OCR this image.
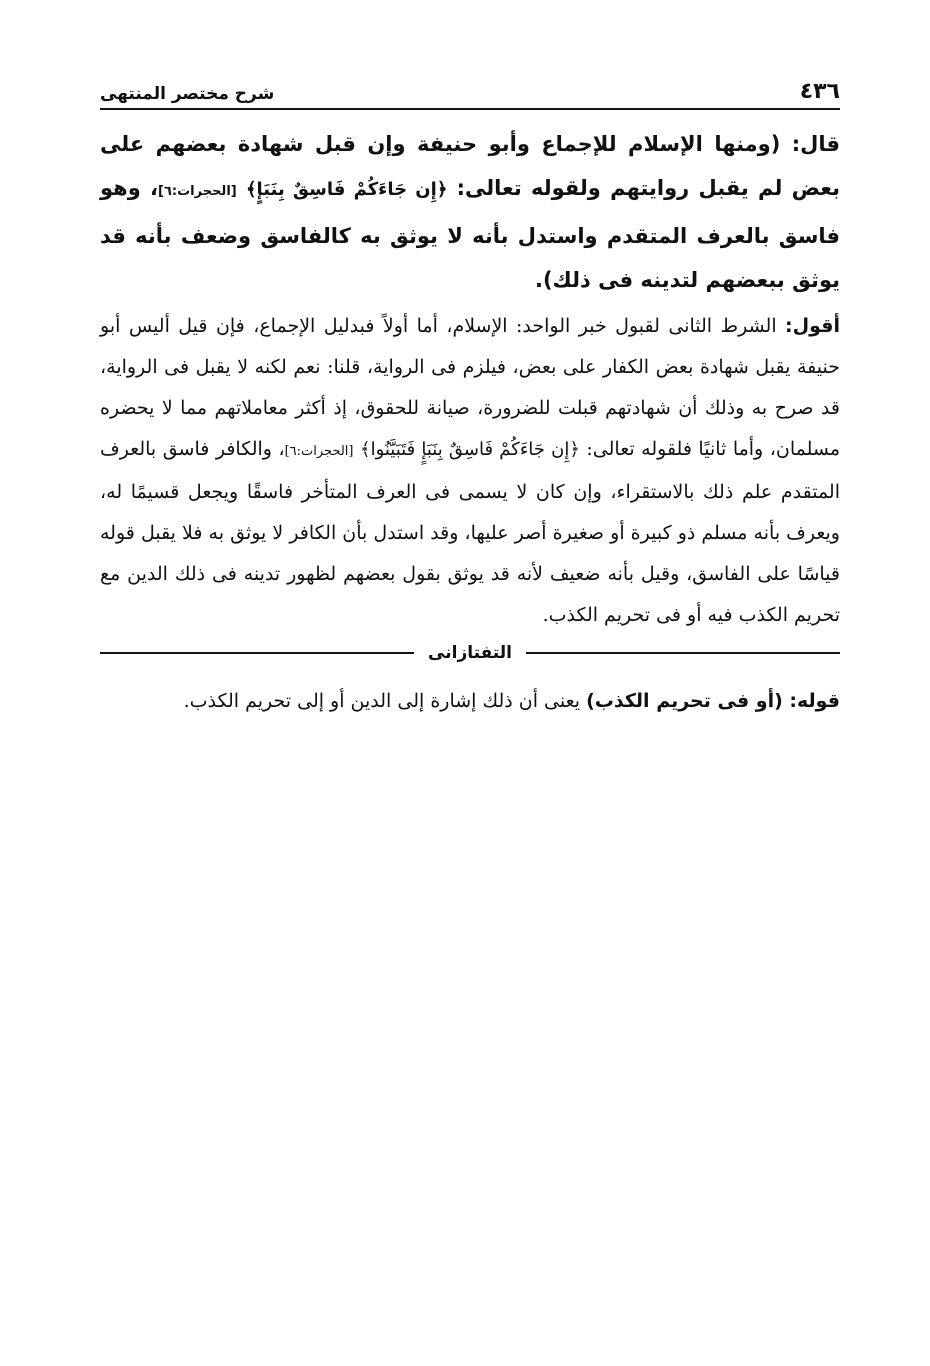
٤٣٦
شرح مختصر المنتهى

قال: (ومنها الإسلام للإجماع وأبو حنيفة وإن قبل شهادة بعضهم على بعض لم يقبل روايتهم ولقوله تعالى: ﴿إِن جَاءَكُمْ فَاسِقٌ بِنَبَإٍ﴾ [الحجرات:٦]، وهو فاسق بالعرف المتقدم واستدل بأنه لا يوثق به كالفاسق وضعف بأنه قد يوثق ببعضهم لتدينه فى ذلك).

أقول: الشرط الثانى لقبول خبر الواحد: الإسلام، أما أولاً فبدليل الإجماع، فإن قيل أليس أبو حنيفة يقبل شهادة بعض الكفار على بعض، فيلزم فى الرواية، قلنا: نعم لكنه لا يقبل فى الرواية، قد صرح به وذلك أن شهادتهم قبلت للضرورة، صيانة للحقوق، إذ أكثر معاملاتهم مما لا يحضره مسلمان، وأما ثانيًا فلقوله تعالى: ﴿إِن جَاءَكُمْ فَاسِقٌ بِنَبَإٍ فَتَبَيَّنُوا﴾ [الحجرات:٦]، والكافر فاسق بالعرف المتقدم علم ذلك بالاستقراء، وإن كان لا يسمى فى العرف المتأخر فاسقًا ويجعل قسيمًا له، ويعرف بأنه مسلم ذو كبيرة أو صغيرة أصر عليها، وقد استدل بأن الكافر لا يوثق به فلا يقبل قوله قياسًا على الفاسق، وقيل بأنه ضعيف لأنه قد يوثق بقول بعضهم لظهور تدينه فى ذلك الدين مع تحريم الكذب فيه أو فى تحريم الكذب.

التفتازانى

قوله: (أو فى تحريم الكذب) يعنى أن ذلك إشارة إلى الدين أو إلى تحريم الكذب.
